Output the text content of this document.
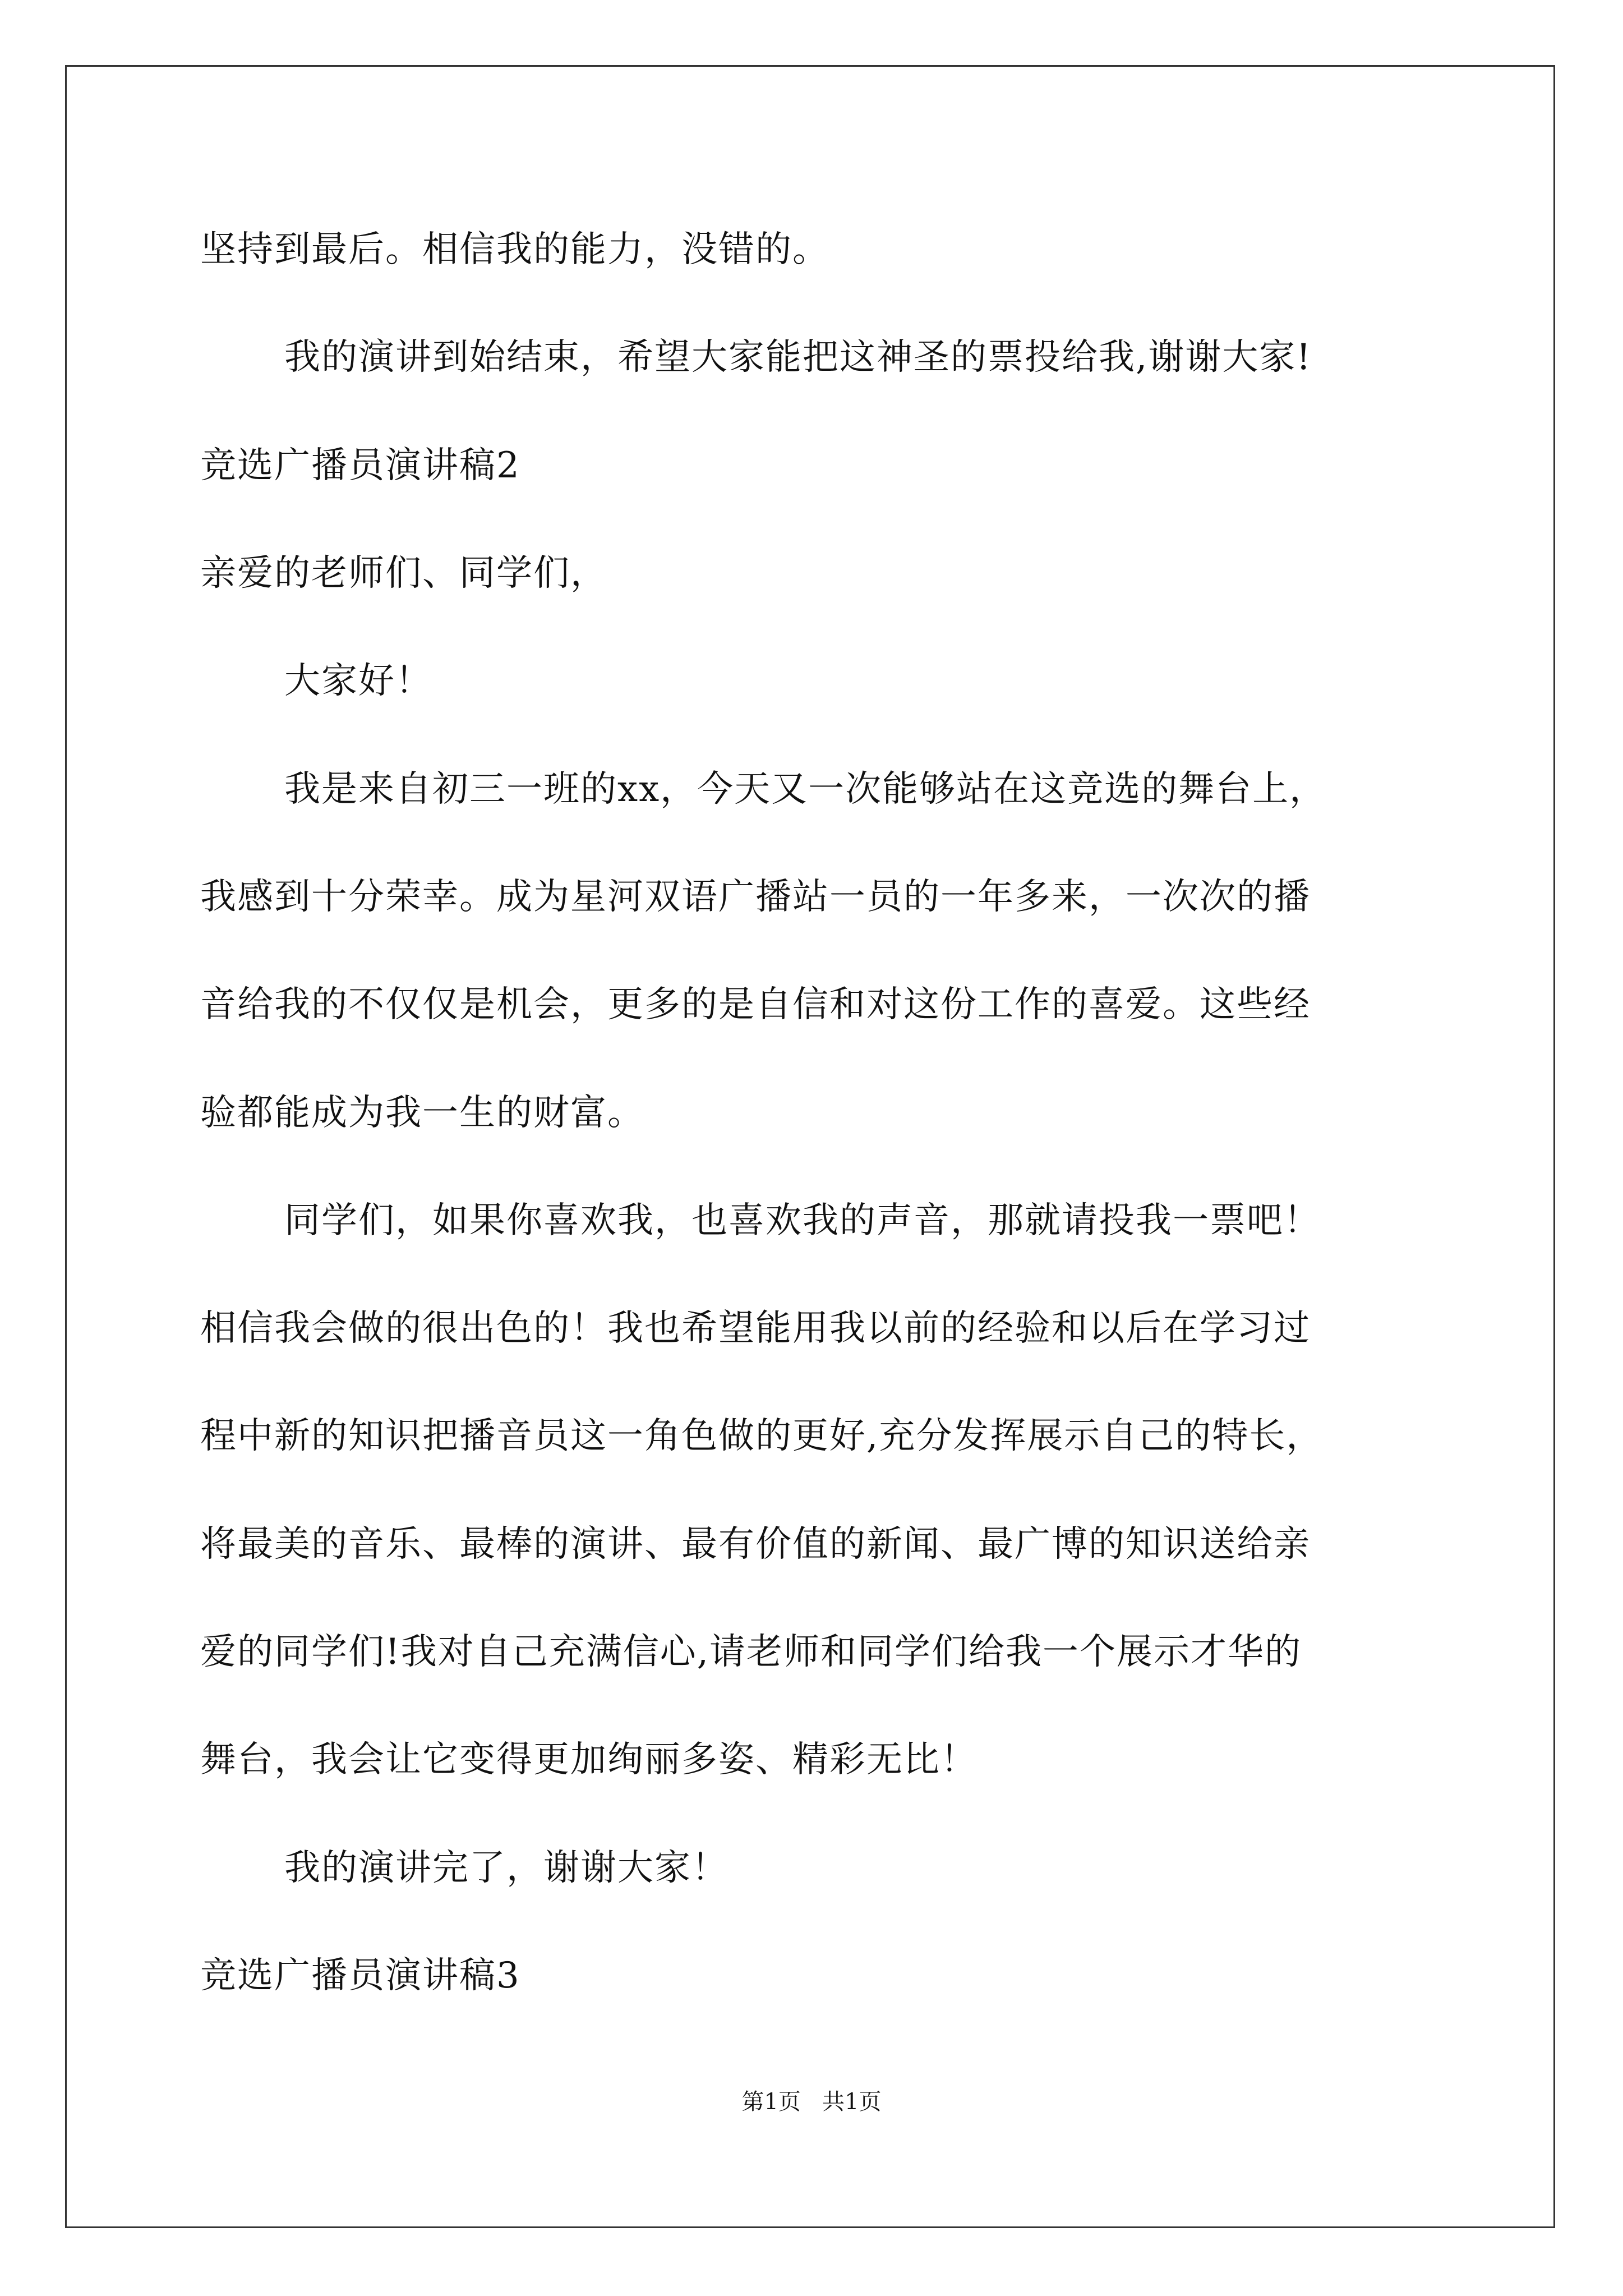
坚持到最后。相信我的能力，没错的。
我的演讲到始结束，希望大家能把这神圣的票投给我,谢谢大家!
竞选广播员演讲稿2
亲爱的老师们、同学们，
大家好！
我是来自初三一班的xx，今天又一次能够站在这竞选的舞台上，
我感到十分荣幸。成为星河双语广播站一员的一年多来，一次次的播
音给我的不仅仅是机会，更多的是自信和对这份工作的喜爱。这些经
验都能成为我一生的财富。
同学们，如果你喜欢我，也喜欢我的声音，那就请投我一票吧！
相信我会做的很出色的！我也希望能用我以前的经验和以后在学习过
程中新的知识把播音员这一角色做的更好,充分发挥展示自己的特长，
将最美的音乐、最棒的演讲、最有价值的新闻、最广博的知识送给亲
爱的同学们!我对自己充满信心,请老师和同学们给我一个展示才华的
舞台，我会让它变得更加绚丽多姿、精彩无比！
我的演讲完了，谢谢大家！
竞选广播员演讲稿3
第1页   共1页
